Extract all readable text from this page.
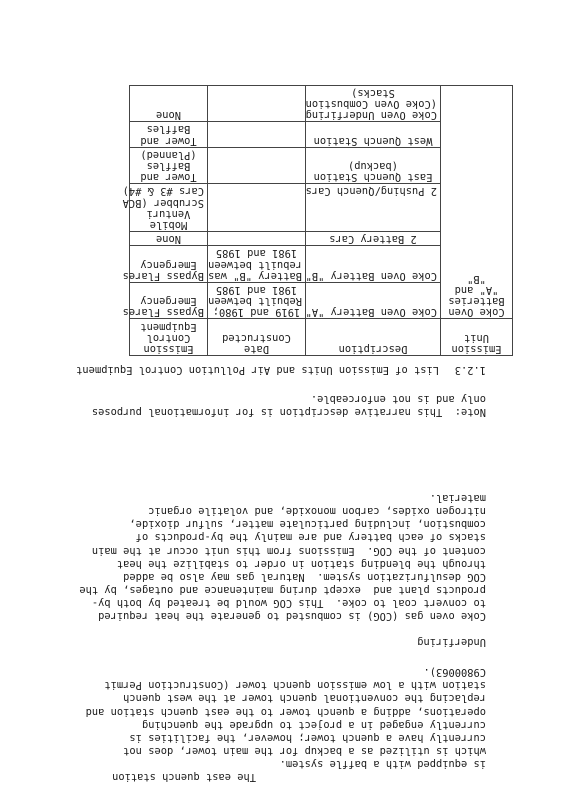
The east quench station
is equipped with a baffle system.
which is utilized as a backup for the main tower, does not
currently have a quench tower; however, the facilities is
currently engaged in a project to upgrade the quenching
operations, adding a quench tower to the east quench station and
replacing the conventional quench tower at the west quench
station with a low emission quench tower (Construction Permit
C9800063).
Underfiring
Coke oven gas (COG) is combusted to generate the heat required
to convert coal to coke.  This COG would be treated by both by-
products plant and  except during maintenance and outages, by the
COG desulfurization system.  Natural gas may also be added
through the blending station in order to stabilize the heat
content of the COG.  Emissions from this unit occur at the main
stacks of each battery and are mainly the by-products of
combustion, including particulate matter, sulfur dioxide,
nitrogen oxides, carbon monoxide, and volatile organic
material.
Note:  This narrative description is for informational purposes
only and is not enforceable.
1.2.3List of Emission Units and Air Pollution Control Equipment
Emission Unit	Description	Date Constructed	Emission Control Equipment

Coke Oven
Batteries
"A" and
"B"	Coke Oven Battery "A"	1919 and 1980;
Rebuilt between
1981 and 1985	Bypass Flares
Emergency

	Coke Oven Battery "B"	Battery "B" was
rebuilt between
1981 and 1985	Bypass Flares
Emergency

	2 Battery Cars		None

	2 Pushing/Quench Cars		Mobile
Venturi
Scrubber (BCA
Cars #3 & #4)

	East Quench Station
(backup)		Tower and
Baffles
(Planned)

	West Quench Station		Tower and
Baffles

	Coke Oven Underfiring
(Coke Oven Combustion
Stacks)		None
